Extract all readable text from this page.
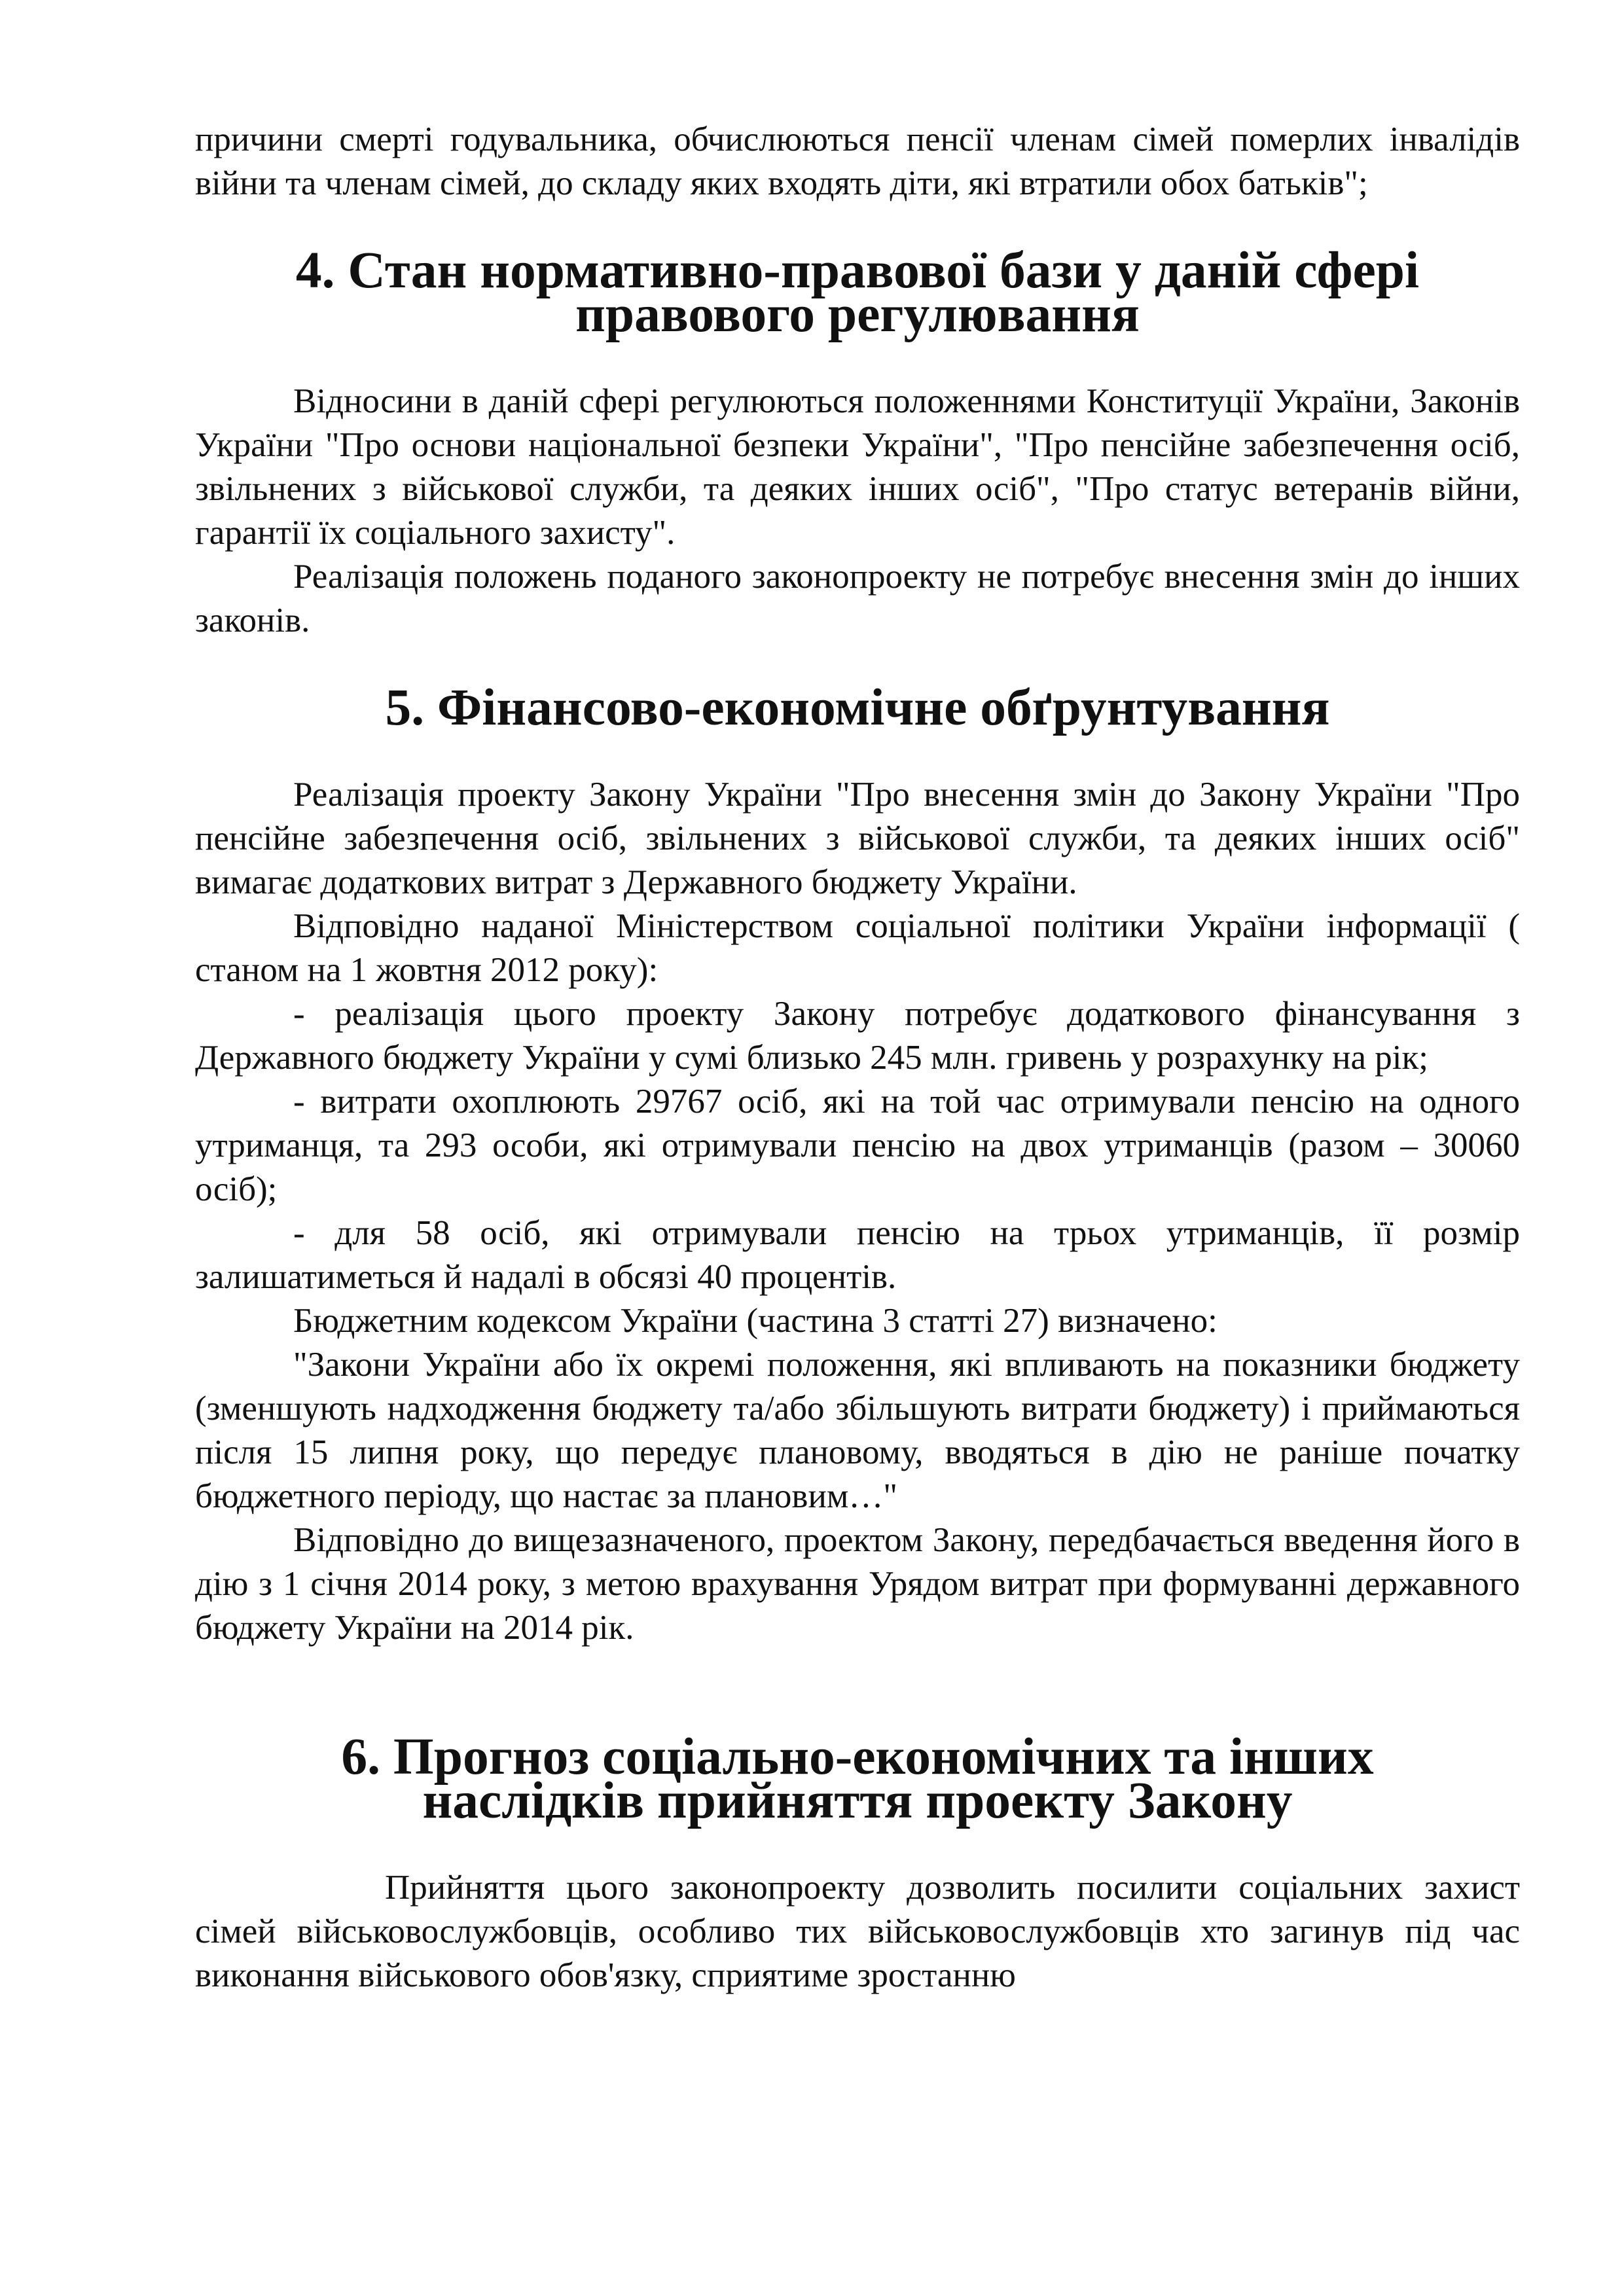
причини смерті годувальника, обчислюються пенсії членам сімей померлих інвалідів війни та членам сімей, до складу яких входять діти, які втратили обох батьків";

4. Стан нормативно-правової бази у даній сфері
правового регулювання

Відносини в даній сфері регулюються положеннями Конституції України, Законів України "Про основи національної безпеки України", "Про пенсійне забезпечення осіб, звільнених з військової служби, та деяких інших осіб", "Про статус ветеранів війни, гарантії їх соціального захисту".

Реалізація положень поданого законопроекту не потребує внесення змін до інших законів.

5. Фінансово-економічне обґрунтування

Реалізація проекту Закону України "Про внесення змін до Закону України "Про пенсійне забезпечення осіб, звільнених з військової служби, та деяких інших осіб" вимагає додаткових витрат з Державного бюджету України.

Відповідно наданої Міністерством соціальної політики України інформації ( станом на 1 жовтня 2012 року):

- реалізація цього проекту Закону потребує додаткового фінансування з Державного бюджету України у сумі близько 245 млн. гривень у розрахунку на рік;

- витрати охоплюють 29767 осіб, які на той час отримували пенсію на одного утриманця, та 293 особи, які отримували пенсію на двох утриманців (разом – 30060 осіб);

- для 58 осіб, які отримували пенсію на трьох утриманців, її розмір залишатиметься й надалі в обсязі 40 процентів.

Бюджетним кодексом України (частина 3 статті 27) визначено:

"Закони України або їх окремі положення, які впливають на показники бюджету (зменшують надходження бюджету та/або збільшують витрати бюджету) і приймаються після 15 липня року, що передує плановому, вводяться в дію не раніше початку бюджетного періоду, що настає за плановим…"

Відповідно до вищезазначеного, проектом Закону, передбачається введення його в дію з 1 січня 2014 року, з метою врахування Урядом витрат при формуванні державного бюджету України на 2014 рік.

6. Прогноз соціально-економічних та інших
наслідків прийняття проекту Закону

Прийняття цього законопроекту дозволить посилити соціальних захист сімей військовослужбовців, особливо тих військовослужбовців хто загинув під час виконання військового обов'язку, сприятиме зростанню
